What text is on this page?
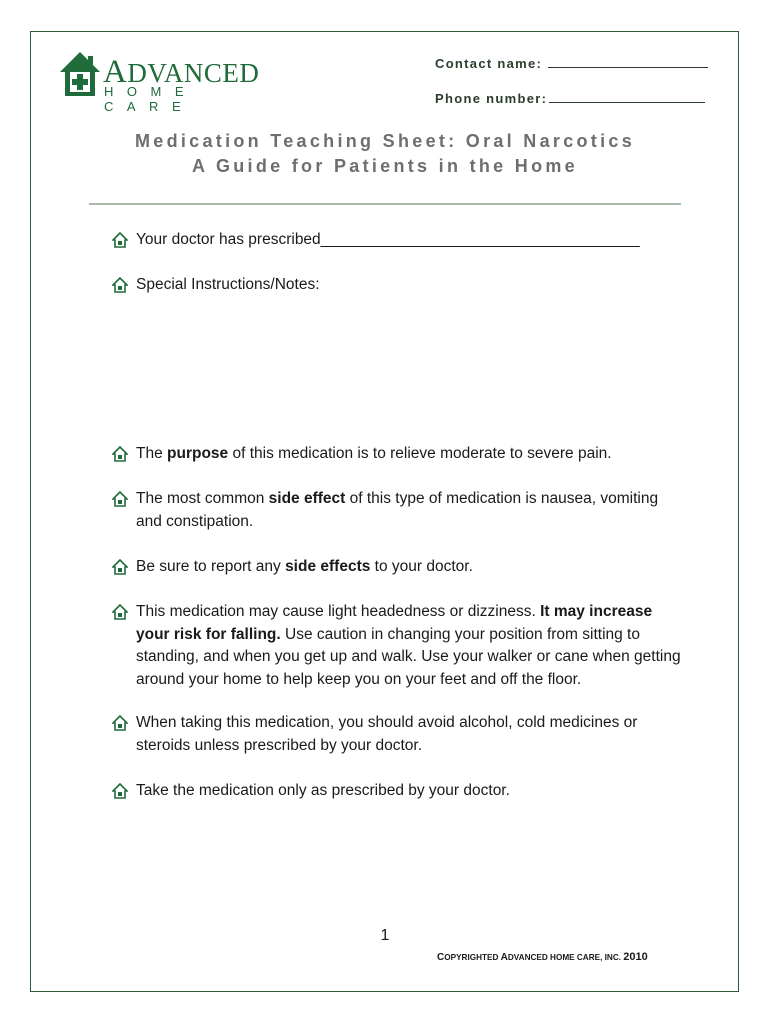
ADVANCED
HOME CARE
Contact name:
Phone number:
Medication Teaching Sheet: Oral Narcotics
A Guide for Patients in the Home
Your doctor has prescribed_____________________________________
Special Instructions/Notes:
The purpose of this medication is to relieve moderate to severe pain.
The most common side effect of this type of medication is nausea, vomiting and constipation.
Be sure to report any side effects to your doctor.
This medication may cause light headedness or dizziness. It may increase your risk for falling. Use caution in changing your position from sitting to standing, and when you get up and walk. Use your walker or cane when getting around your home to help keep you on your feet and off the floor.
When taking this medication, you should avoid alcohol, cold medicines or steroids unless prescribed by your doctor.
Take the medication only as prescribed by your doctor.
1
COPYRIGHTED ADVANCED HOME CARE, INC. 2010
